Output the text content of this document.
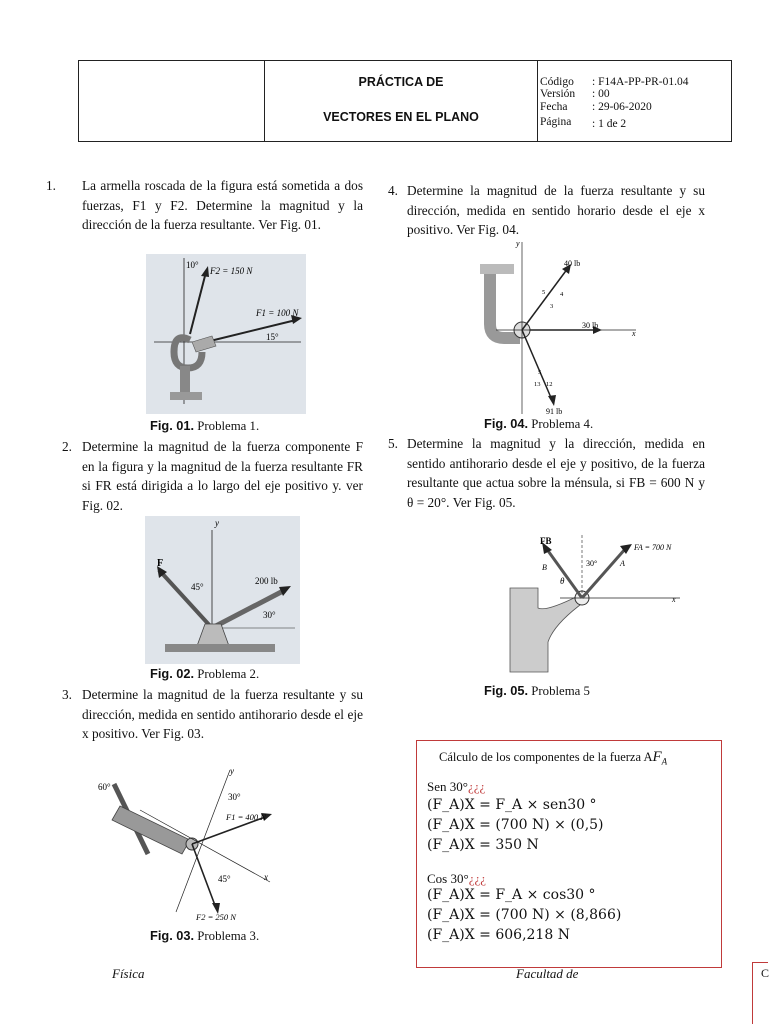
PRÁCTICA DE
VECTORES EN EL PLANO
Código : F14A-PP-PR-01.04
Versión : 00
Fecha : 29-06-2020
Página : 1 de 2
1. La armella roscada de la figura está sometida a dos fuerzas, F1 y F2. Determine la magnitud y la dirección de la fuerza resultante. Ver Fig. 01.
10°
F2 = 150 N
F1 = 100 N
15°
Fig. 01. Problema 1.
2. Determine la magnitud de la fuerza componente F en la figura y la magnitud de la fuerza resultante FR si FR está dirigida a lo largo del eje positivo y. ver Fig. 02.
y
F
45°
200 lb
30°
Fig. 02. Problema 2.
3. Determine la magnitud de la fuerza resultante y su dirección, medida en sentido antihorario desde el eje x positivo. Ver Fig. 03.
60°
y
30°
F1 = 400 N
x
45°
F2 = 250 N
Fig. 03. Problema 3.
4. Determine la magnitud de la fuerza resultante y su dirección, medida en sentido horario desde el eje x positivo. Ver Fig. 04.
y
40 lb
5 4
3
30 lb
x
5
13 12
91 lb
Fig. 04. Problema 4.
5. Determine la magnitud y la dirección, medida en sentido antihorario desde el eje y positivo, de la fuerza resultante que actua sobre la ménsula, si FB = 600 N y θ = 20°. Ver Fig. 05.
FB
30°
FA = 700 N
B	A
θ
x
Fig. 05. Problema 5
Cálculo de los componentes de la fuerza $AF_A$
Sen 30°¿¿¿
(F_A)X = F_A × sen30 °
(F_A)X = (700 N) × (0,5)
(F_A)X = 350 N
Cos 30°¿¿¿
(F_A)X = F_A × cos30 °
(F_A)X = (700 N) × (8,866)
(F_A)X = 606,218 N
Física	Facultad de	C
